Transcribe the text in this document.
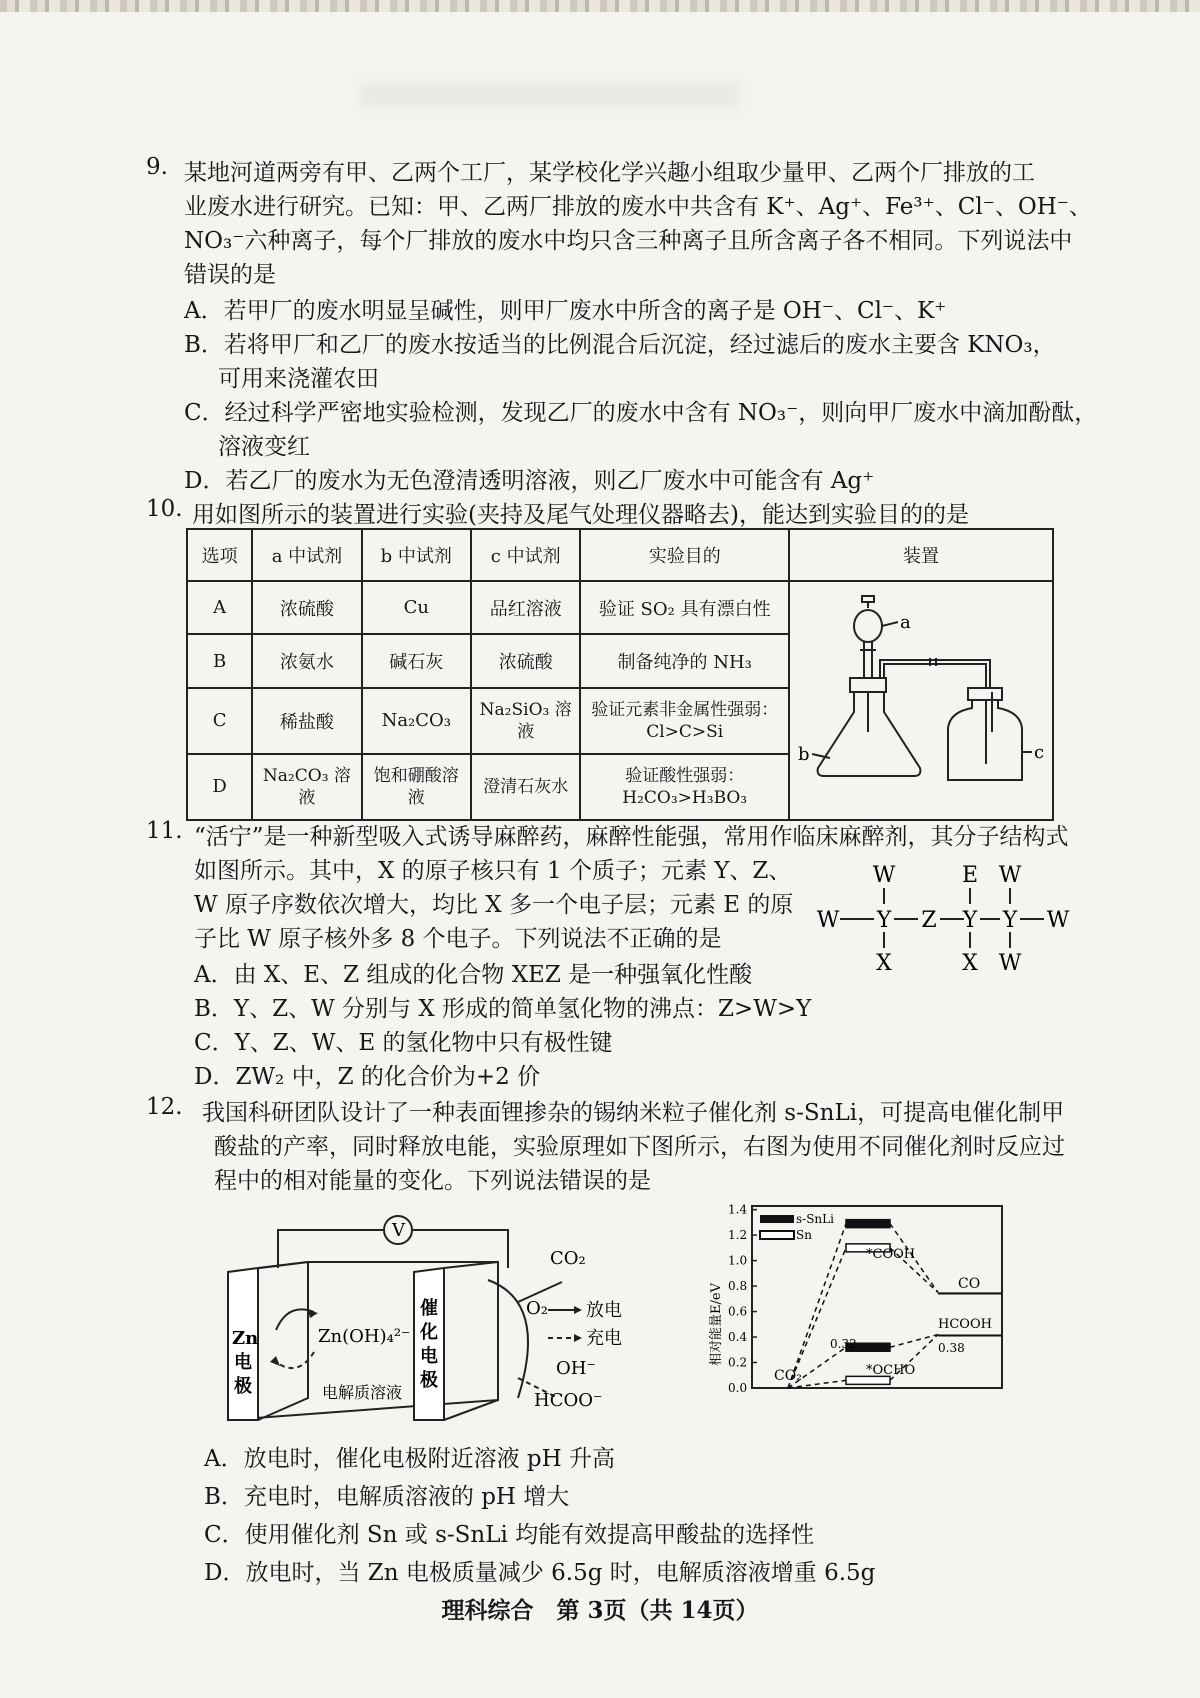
9. 某地河道两旁有甲、乙两个工厂，某学校化学兴趣小组取少量甲、乙两个厂排放的工
业废水进行研究。已知：甲、乙两厂排放的废水中共含有 K⁺、Ag⁺、Fe³⁺、Cl⁻、OH⁻、
NO₃⁻六种离子，每个厂排放的废水中均只含三种离子且所含离子各不相同。下列说法中
错误的是
A．若甲厂的废水明显呈碱性，则甲厂废水中所含的离子是 OH⁻、Cl⁻、K⁺
B．若将甲厂和乙厂的废水按适当的比例混合后沉淀，经过滤后的废水主要含 KNO₃，
可用来浇灌农田
C．经过科学严密地实验检测，发现乙厂的废水中含有 NO₃⁻，则向甲厂废水中滴加酚酞，
溶液变红
D．若乙厂的废水为无色澄清透明溶液，则乙厂废水中可能含有 Ag⁺
10. 用如图所示的装置进行实验(夹持及尾气处理仪器略去)，能达到实验目的的是
选项	a 中试剂	b 中试剂	c 中试剂	实验目的	装置
A	浓硫酸	Cu	品红溶液	验证 SO₂ 具有漂白性	a
b c

B	浓氨水	碱石灰	浓硫酸	制备纯净的 NH₃	
C	稀盐酸	Na₂CO₃	Na₂SiO₃ 溶液	验证元素非金属性强弱：Cl>C>Si	
D	Na₂CO₃ 溶液	饱和硼酸溶液	澄清石灰水	验证酸性强弱：H₂CO₃>H₃BO₃	
11. “活宁”是一种新型吸入式诱导麻醉药，麻醉性能强，常用作临床麻醉剂，其分子结构式
如图所示。其中，X 的原子核只有 1 个质子；元素 Y、Z、
W 原子序数依次增大，均比 X 多一个电子层；元素 E 的原
子比 W 原子核外多 8 个电子。下列说法不正确的是
A．由 X、E、Z 组成的化合物 XEZ 是一种强氧化性酸
B．Y、Z、W 分别与 X 形成的简单氢化物的沸点：Z>W>Y
C．Y、Z、W、E 的氢化物中只有极性键
D．ZW₂ 中，Z 的化合价为+2 价
W	E W
W Y Z Y Y W
X	X W
12. 我国科研团队设计了一种表面锂掺杂的锡纳米粒子催化剂 s-SnLi，可提高电催化制甲
酸盐的产率，同时释放电能，实验原理如下图所示，右图为使用不同催化剂时反应过
程中的相对能量的变化。下列说法错误的是
V
Zn
电
极
催
化
电
极
Zn(OH)₄²⁻
电解质溶液
CO₂
O₂ 放电
充电
OH⁻
HCOO⁻
相对能量E/eV
0.0
0.2
0.4
0.6
0.8
1.0
1.2
1.4
s-SnLi
Sn
CO₂
*COOH
CO
HCOOH
*OCHO
0.32	0.38
A．放电时，催化电极附近溶液 pH 升高
B．充电时，电解质溶液的 pH 增大
C．使用催化剂 Sn 或 s-SnLi 均能有效提高甲酸盐的选择性
D．放电时，当 Zn 电极质量减少 6.5g 时，电解质溶液增重 6.5g
理科综合　第 3页（共 14页）
